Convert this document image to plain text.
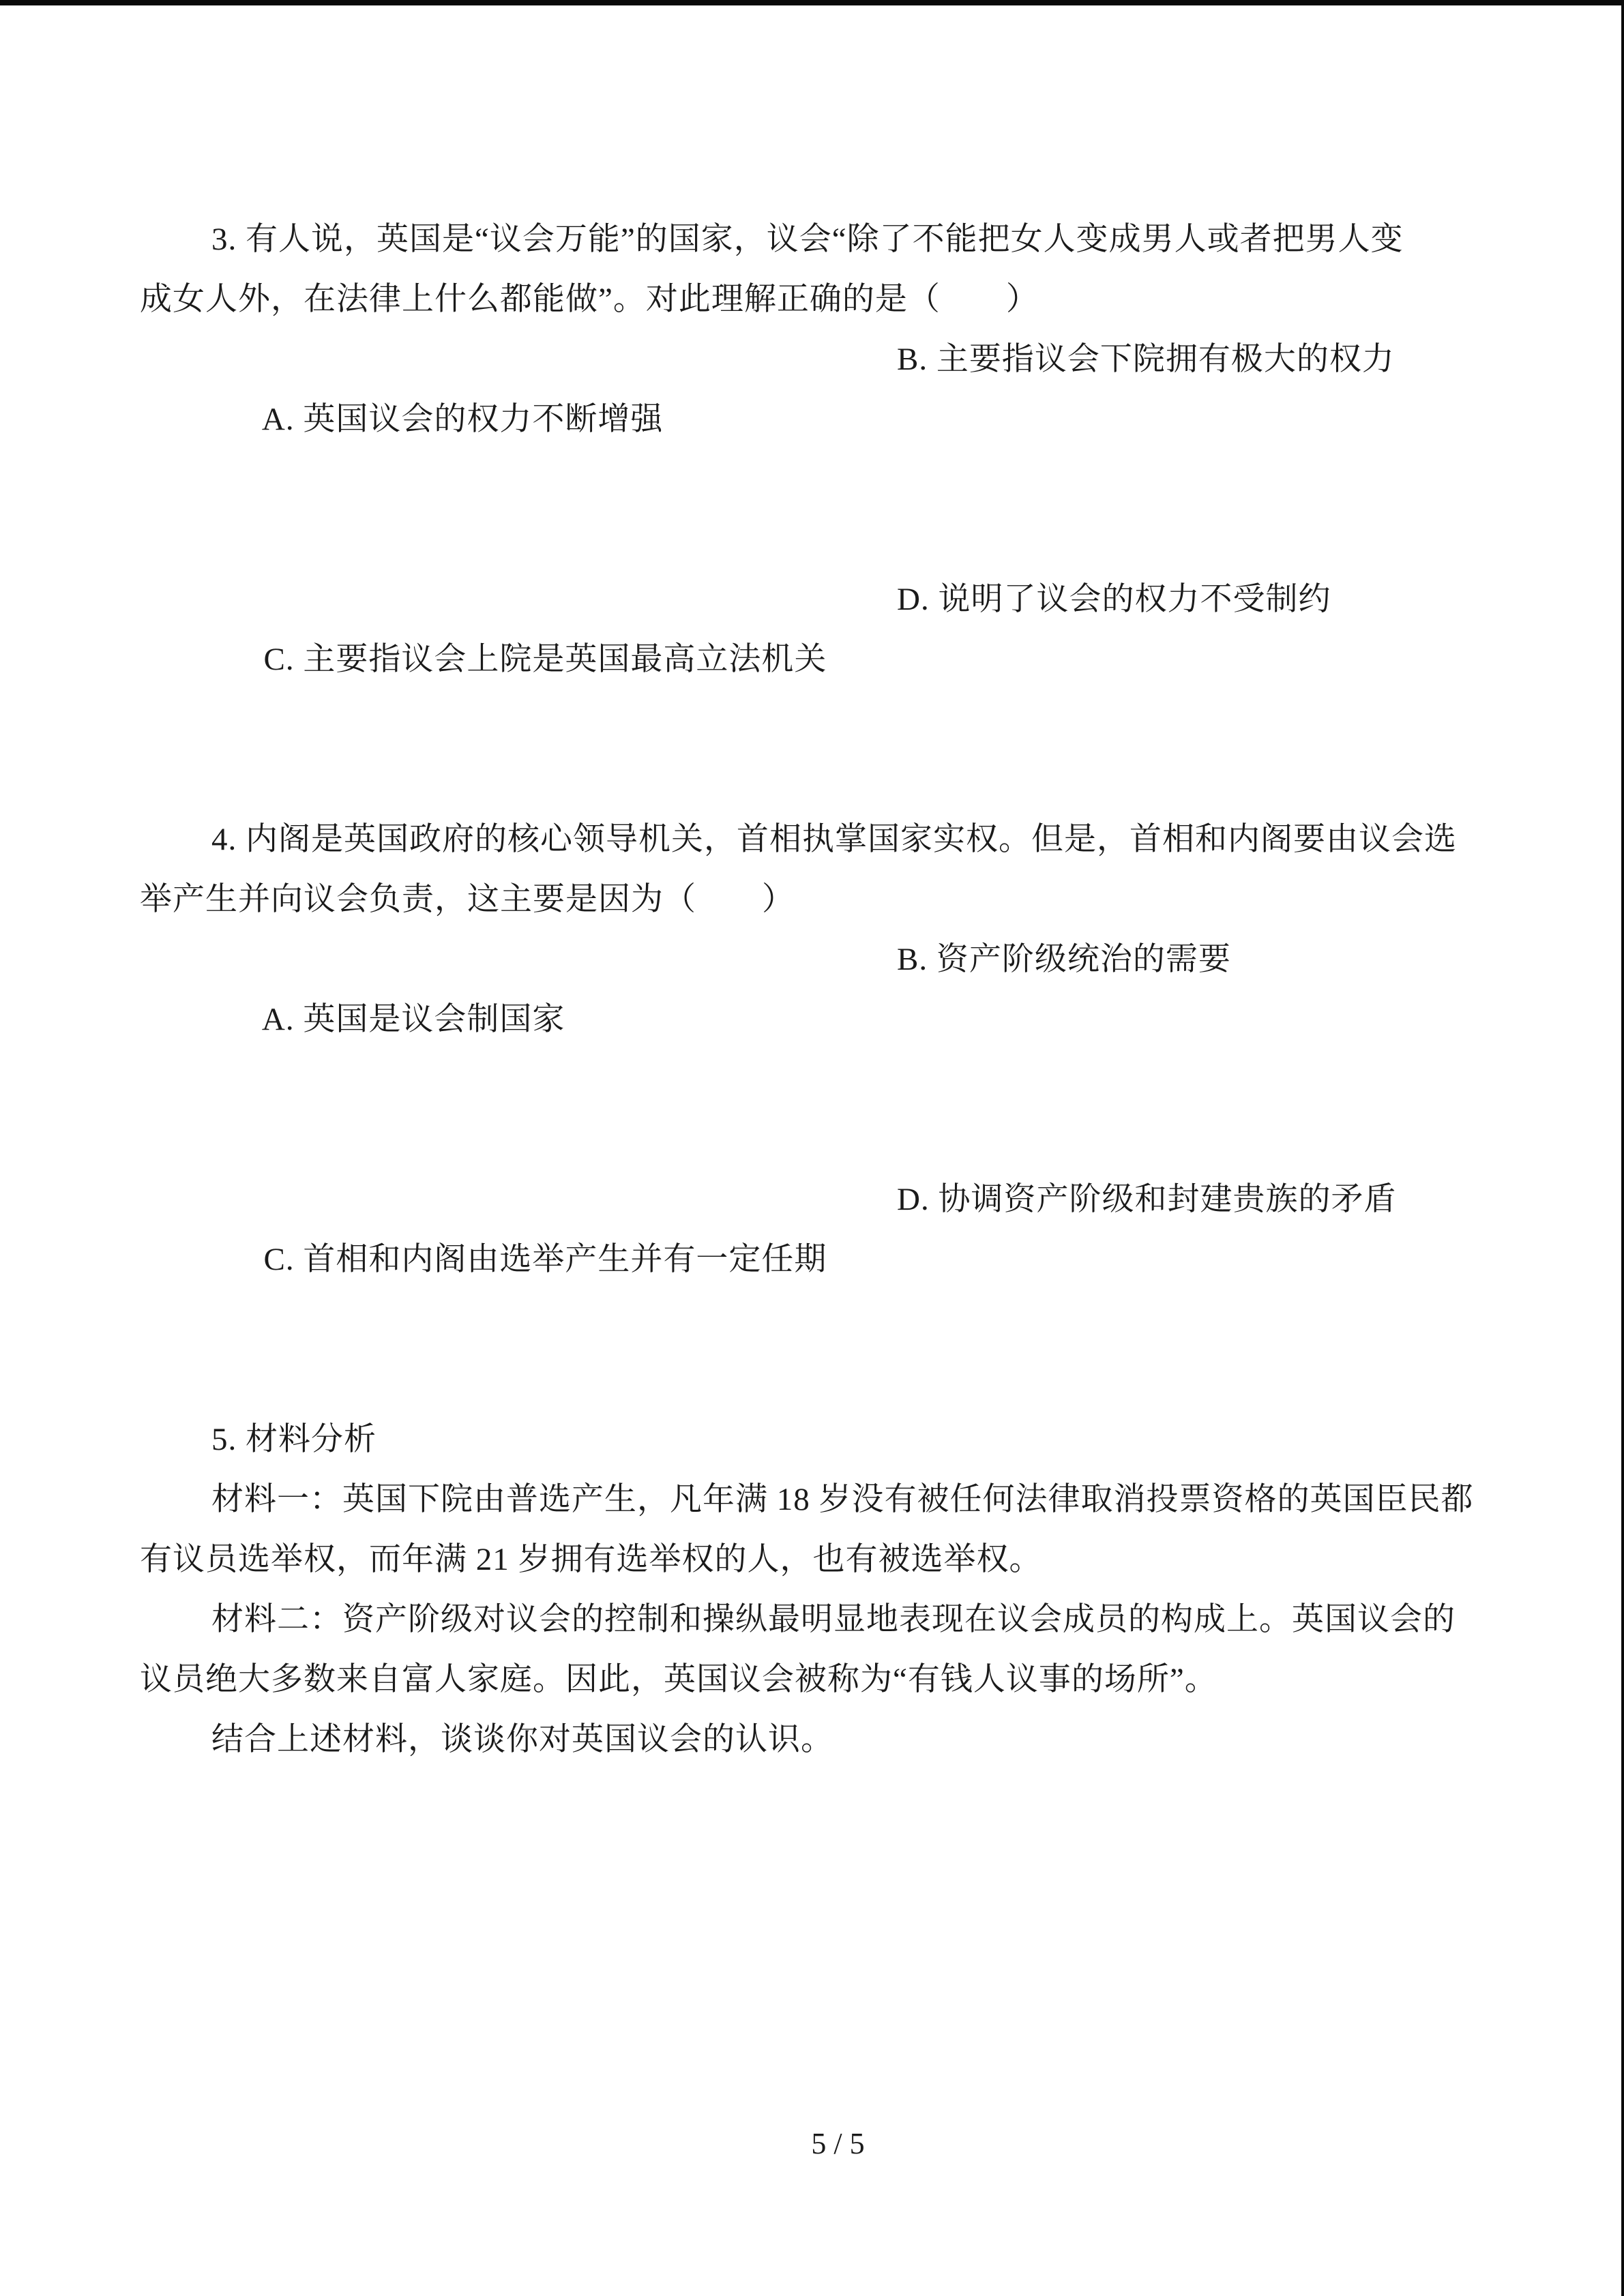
3. 有人说，英国是“议会万能”的国家，议会“除了不能把女人变成男人或者把男人变
成女人外，在法律上什么都能做”。对此理解正确的是（　　）

A. 英国议会的权力不断增强

B. 主要指议会下院拥有极大的权力

C. 主要指议会上院是英国最高立法机关

D. 说明了议会的权力不受制约

4. 内阁是英国政府的核心领导机关，首相执掌国家实权。但是，首相和内阁要由议会选
举产生并向议会负责，这主要是因为（　　）

A. 英国是议会制国家

B. 资产阶级统治的需要

C. 首相和内阁由选举产生并有一定任期

D. 协调资产阶级和封建贵族的矛盾

5. 材料分析
材料一：英国下院由普选产生，凡年满 18 岁没有被任何法律取消投票资格的英国臣民都
有议员选举权，而年满 21 岁拥有选举权的人，也有被选举权。
材料二：资产阶级对议会的控制和操纵最明显地表现在议会成员的构成上。英国议会的
议员绝大多数来自富人家庭。因此，英国议会被称为“有钱人议事的场所”。
结合上述材料，谈谈你对英国议会的认识。
5 / 5
